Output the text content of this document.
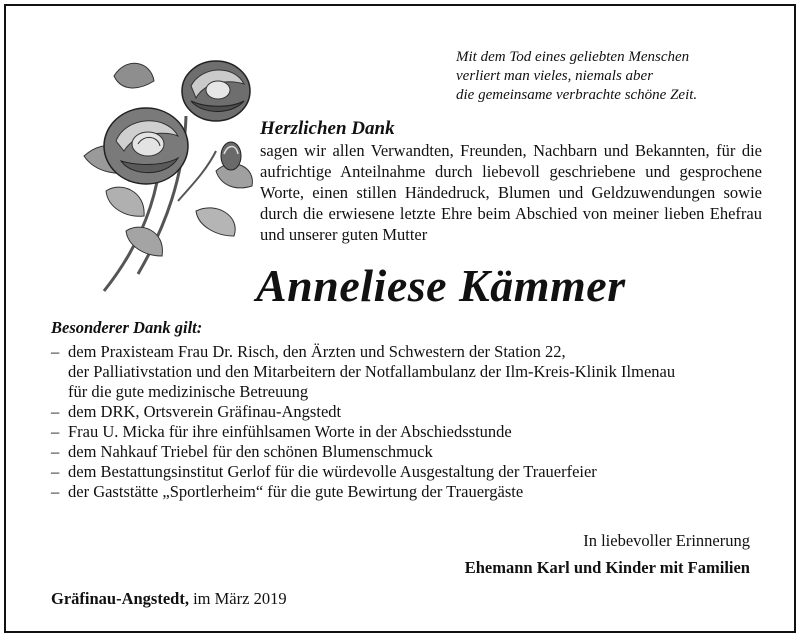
Mit dem Tod eines geliebten Menschen
verliert man vieles, niemals aber
die gemeinsame verbrachte schöne Zeit.
Herzlichen Dank
sagen wir allen Verwandten, Freunden, Nachbarn und Bekannten, für die aufrichtige Anteilnahme durch liebevoll geschriebene und gesprochene Worte, einen stillen Händedruck, Blumen und Geldzuwendungen sowie durch die erwiesene letzte Ehre beim Abschied von meiner lieben Ehefrau und unserer guten Mutter
Anneliese Kämmer
Besonderer Dank gilt:
– dem Praxisteam Frau Dr. Risch, den Ärzten und Schwestern der Station 22,
der Palliativstation und den Mitarbeitern der Notfallambulanz der Ilm-Kreis-Klinik Ilmenau
für die gute medizinische Betreuung
– dem DRK, Ortsverein Gräfinau-Angstedt
– Frau U. Micka für ihre einfühlsamen Worte in der Abschiedsstunde
– dem Nahkauf Triebel für den schönen Blumenschmuck
– dem Bestattungsinstitut Gerlof für die würdevolle Ausgestaltung der Trauerfeier
– der Gaststätte „Sportlerheim“ für die gute Bewirtung der Trauergäste
In liebevoller Erinnerung
Ehemann Karl und Kinder mit Familien
Gräfinau-Angstedt, im März 2019
